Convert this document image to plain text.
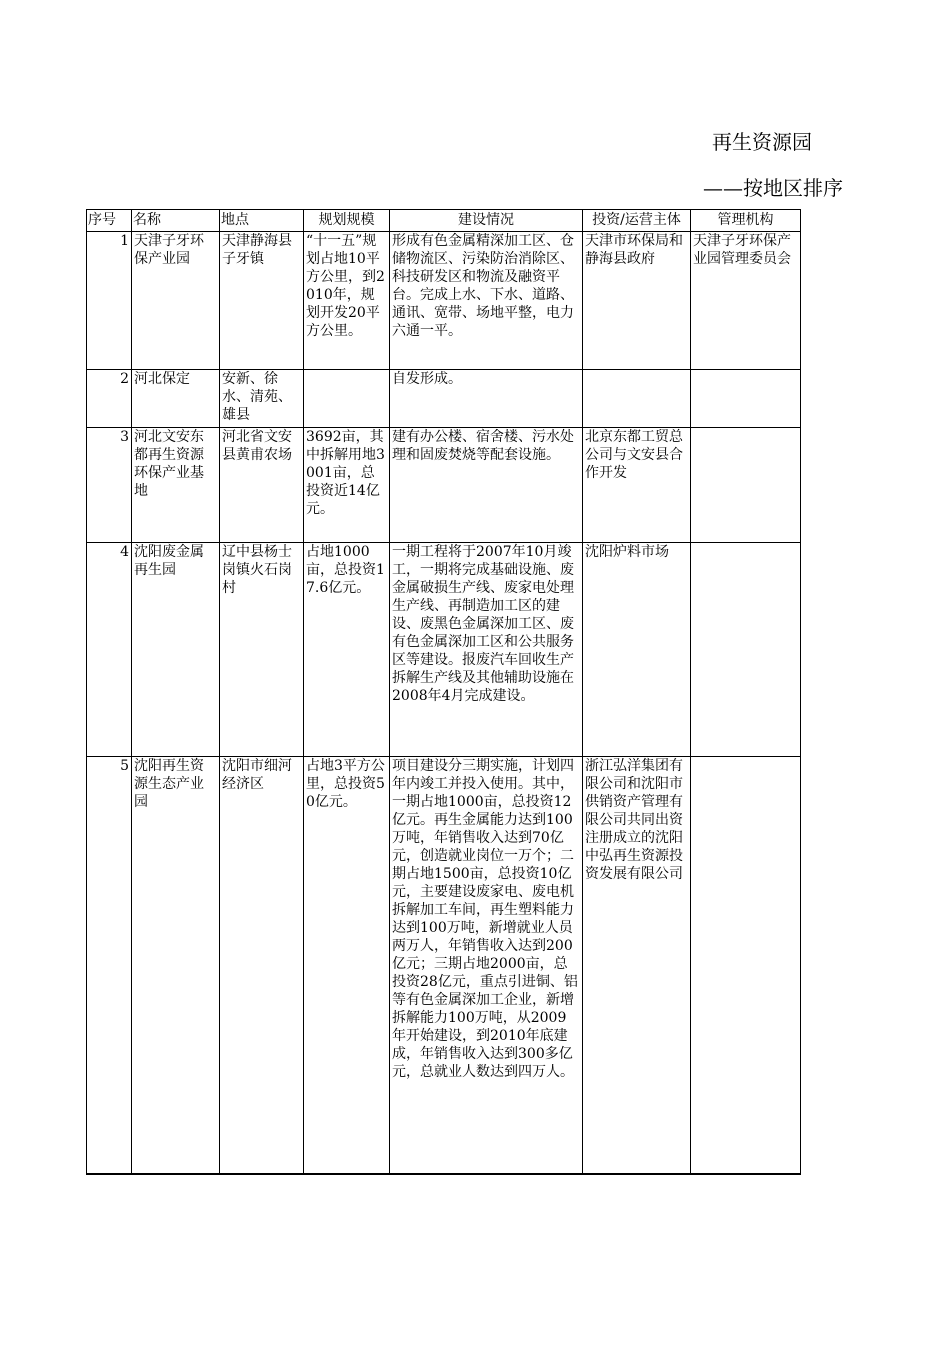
再生资源园
——按地区排序
序号	名称	地点	规划规模	建设情况	投资/运营主体	管理机构
1	天津子牙环保产业园	天津静海县子牙镇	“十一五”规划占地10平方公里，到2010年，规划开发20平方公里。	形成有色金属精深加工区、仓储物流区、污染防治消除区、科技研发区和物流及融资平台。完成上水、下水、道路、通讯、宽带、场地平整，电力六通一平。	天津市环保局和静海县政府	天津子牙环保产业园管理委员会
2	河北保定	安新、徐水、清苑、雄县		自发形成。		
3	河北文安东都再生资源环保产业基地	河北省文安县黄甫农场	3692亩，其中拆解用地3001亩，总投资近14亿元。	建有办公楼、宿舍楼、污水处理和固废焚烧等配套设施。	北京东都工贸总公司与文安县合作开发	
4	沈阳废金属再生园	辽中县杨士岗镇火石岗村	占地1000亩，总投资17.6亿元。	一期工程将于2007年10月竣工，一期将完成基础设施、废金属破损生产线、废家电处理生产线、再制造加工区的建设、废黑色金属深加工区、废有色金属深加工区和公共服务区等建设。报废汽车回收生产拆解生产线及其他辅助设施在2008年4月完成建设。	沈阳炉料市场	
5	沈阳再生资源生态产业园	沈阳市细河经济区	占地3平方公里，总投资50亿元。	项目建设分三期实施，计划四年内竣工并投入使用。其中，一期占地1000亩，总投资12亿元。再生金属能力达到100万吨，年销售收入达到70亿元，创造就业岗位一万个；二期占地1500亩，总投资10亿元，主要建设废家电、废电机拆解加工车间，再生塑料能力达到100万吨，新增就业人员两万人，年销售收入达到200亿元；三期占地2000亩，总投资28亿元，重点引进铜、铝等有色金属深加工企业，新增拆解能力100万吨，从2009年开始建设，到2010年底建成，年销售收入达到300多亿元，总就业人数达到四万人。	浙江弘洋集团有限公司和沈阳市供销资产管理有限公司共同出资注册成立的沈阳中弘再生资源投资发展有限公司	
